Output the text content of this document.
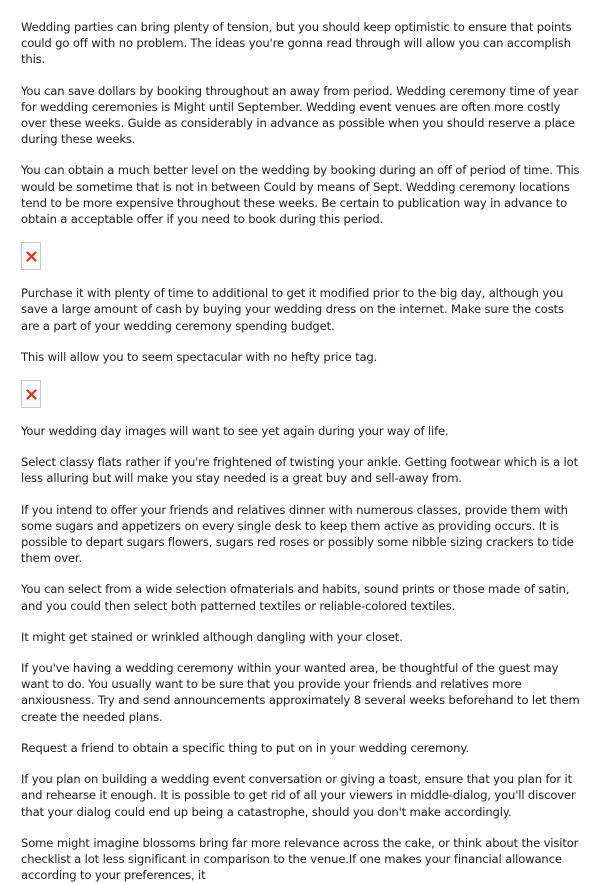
Wedding parties can bring plenty of tension, but you should keep optimistic to ensure that points could go off with no problem. The ideas you're gonna read through will allow you can accomplish this.

You can save dollars by booking throughout an away from period. Wedding ceremony time of year for wedding ceremonies is Might until September. Wedding event venues are often more costly over these weeks. Guide as considerably in advance as possible when you should reserve a place during these weeks.

You can obtain a much better level on the wedding by booking during an off of period of time. This would be sometime that is not in between Could by means of Sept. Wedding ceremony locations tend to be more expensive throughout these weeks. Be certain to publication way in advance to obtain a acceptable offer if you need to book during this period.

Purchase it with plenty of time to additional to get it modified prior to the big day, although you save a large amount of cash by buying your wedding dress on the internet. Make sure the costs are a part of your wedding ceremony spending budget.

This will allow you to seem spectacular with no hefty price tag.

Your wedding day images will want to see yet again during your way of life.

Select classy flats rather if you're frightened of twisting your ankle. Getting footwear which is a lot less alluring but will make you stay needed is a great buy and sell-away from.

If you intend to offer your friends and relatives dinner with numerous classes, provide them with some sugars and appetizers on every single desk to keep them active as providing occurs. It is possible to depart sugars flowers, sugars red roses or possibly some nibble sizing crackers to tide them over.

You can select from a wide selection ofmaterials and habits, sound prints or those made of satin, and you could then select both patterned textiles or reliable-colored textiles.

It might get stained or wrinkled although dangling with your closet.

If you've having a wedding ceremony within your wanted area, be thoughtful of the guest may want to do. You usually want to be sure that you provide your friends and relatives more anxiousness. Try and send announcements approximately 8 several weeks beforehand to let them create the needed plans.

Request a friend to obtain a specific thing to put on in your wedding ceremony.

If you plan on building a wedding event conversation or giving a toast, ensure that you plan for it and rehearse it enough. It is possible to get rid of all your viewers in middle-dialog, you'll discover that your dialog could end up being a catastrophe, should you don't make accordingly.

Some might imagine blossoms bring far more relevance across the cake, or think about the visitor checklist a lot less significant in comparison to the venue.If one makes your financial allowance according to your preferences, it
